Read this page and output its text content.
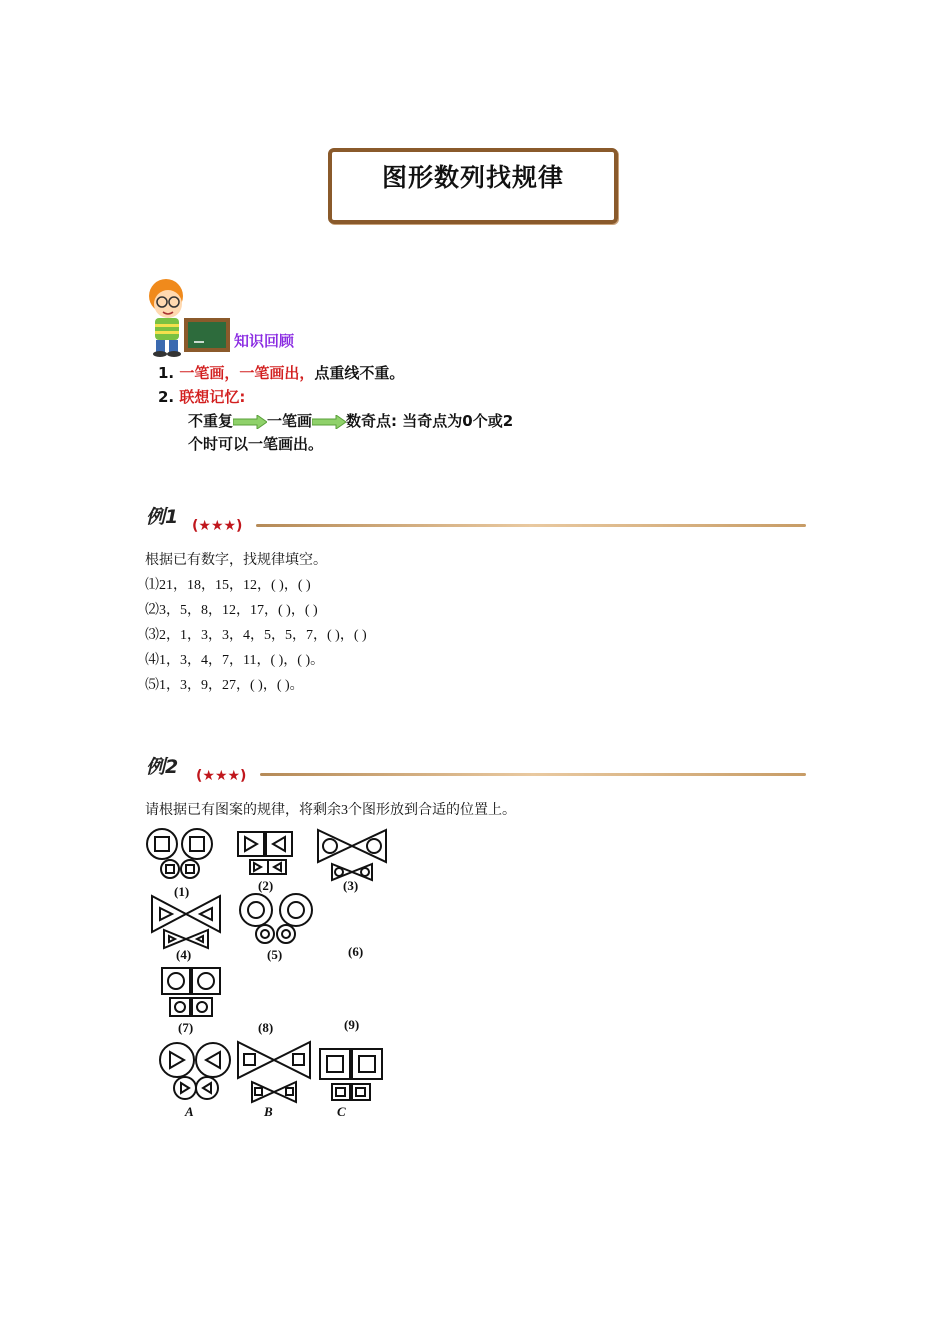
图形数列找规律
知识回顾
1. 一笔画，一笔画出，点重线不重。
2. 联想记忆:
不重复 一笔画 数奇点: 当奇点为0个或2
个时可以一笔画出。
例1 (★★★)
根据已有数字，找规律填空。
⑴21，18，15，12，( )，( )
⑵3，5，8，12，17，( )，( )
⑶2，1，3，3，4，5，5，7，( )，( )
⑷1，3，4，7，11，( )，( )。
⑸1，3，9，27，( )，( )。
例2 (★★★)
请根据已有图案的规律，将剩余3个图形放到合适的位置上。
(1)	(2)	(3)
(4)	(5)	(6)
(7)	(8)	(9)
A	B	C
